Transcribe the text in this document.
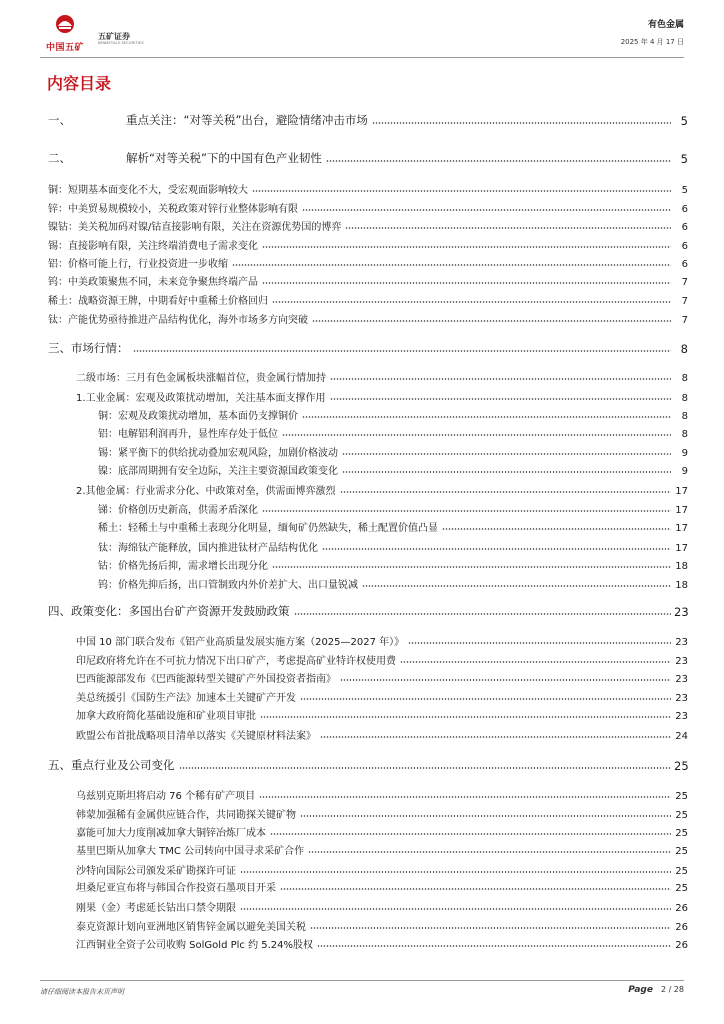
中国五矿
五矿证券
MINMETALS SECURITIES
有色金属
2025 年 4 月 17 日
内容目录
一、	重点关注：“对等关税”出台，避险情绪冲击市场	5
二、	解析“对等关税”下的中国有色产业韧性	5
铜：短期基本面变化不大，受宏观面影响较大	5
锌：中美贸易规模较小，关税政策对锌行业整体影响有限	6
镍钴：美关税加码对镍/钴直接影响有限，关注在资源优势国的博弈	6
锡：直接影响有限，关注终端消费电子需求变化	6
铝：价格可能上行，行业投资进一步收缩	6
钨：中美政策聚焦不同，未来竞争聚焦终端产品	7
稀土：战略资源王牌，中期看好中重稀土价格回归	7
钛：产能优势亟待推进产品结构优化，海外市场多方向突破	7
三、市场行情：	8
二级市场：三月有色金属板块涨幅首位，贵金属行情加持	8
1.工业金属：宏观及政策扰动增加，关注基本面支撑作用	8
铜：宏观及政策扰动增加，基本面仍支撑铜价	8
铝：电解铝利润再升，显性库存处于低位	8
锡：紧平衡下的供给扰动叠加宏观风险，加剧价格波动	9
镍：底部周期拥有安全边际，关注主要资源国政策变化	9
2.其他金属：行业需求分化、中政策对垒，供需面博弈激烈	17
锑：价格创历史新高，供需矛盾深化	17
稀土：轻稀土与中重稀土表现分化明显，缅甸矿仍然缺失，稀土配置价值凸显	17
钛：海绵钛产能释放，国内推进钛材产品结构优化	17
钴：价格先扬后抑，需求增长出现分化	18
钨：价格先抑后扬，出口管制致内外价差扩大、出口量锐减	18
四、政策变化：多国出台矿产资源开发鼓励政策	23
中国 10 部门联合发布《铝产业高质量发展实施方案（2025—2027 年）》	23
印尼政府将允许在不可抗力情况下出口矿产，考虑提高矿业特许权使用费	23
巴西能源部发布《巴西能源转型关键矿产外国投资者指南》	23
美总统援引《国防生产法》加速本土关键矿产开发	23
加拿大政府简化基础设施和矿业项目审批	23
欧盟公布首批战略项目清单以落实《关键原材料法案》	24
五、重点行业及公司变化	25
乌兹别克斯坦将启动 76 个稀有矿产项目	25
韩蒙加强稀有金属供应链合作，共同勘探关键矿物	25
嘉能可加大力度削减加拿大铜锌冶炼厂成本	25
基里巴斯从加拿大 TMC 公司转向中国寻求采矿合作	25
沙特向国际公司颁发采矿勘探许可证	25
坦桑尼亚宣布将与韩国合作投资石墨项目开采	25
刚果（金）考虑延长钴出口禁令期限	26
泰克资源计划向亚洲地区销售锌金属以避免美国关税	26
江西铜业全资子公司收购 SolGold Plc 约 5.24%股权	26
请仔细阅读本报告末页声明	Page 2 / 28
